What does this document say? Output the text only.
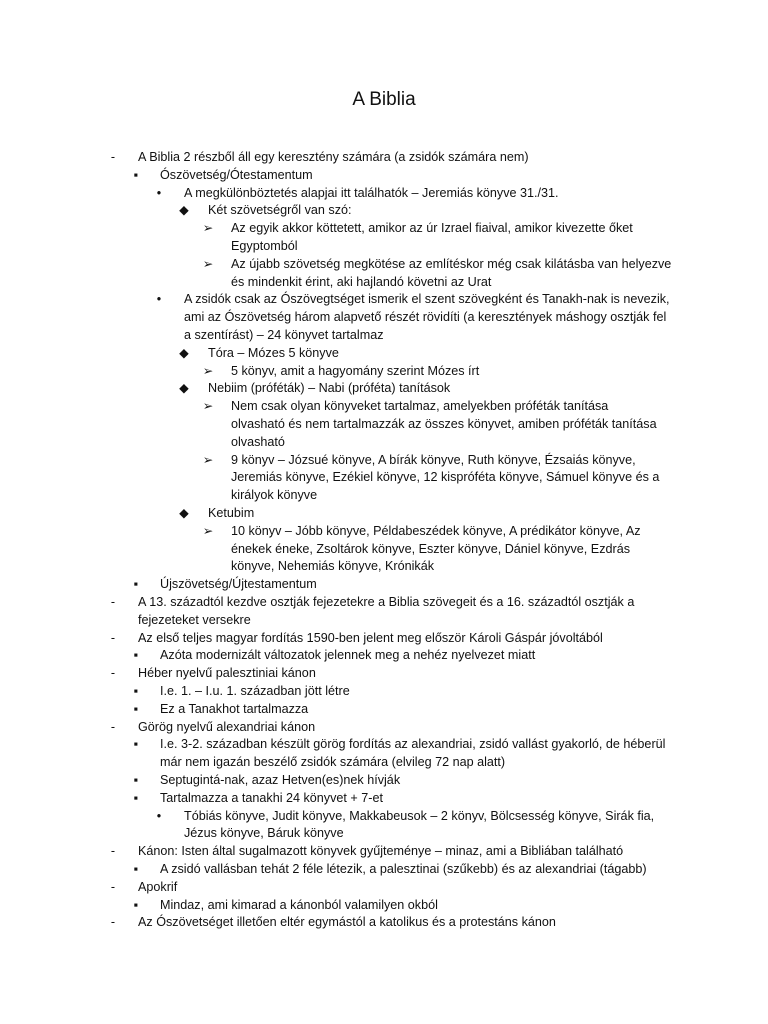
A Biblia
-	A Biblia 2 részből áll egy keresztény számára (a zsidók számára nem)
▪	Ószövetség/Ótestamentum
•	A megkülönböztetés alapjai itt találhatók – Jeremiás könyve 31./31.
◆ Két szövetségről van szó:
➢ Az egyik akkor köttetett, amikor az úr Izrael fiaival, amikor kivezette őket
Egyptomból
➢ Az újabb szövetség megkötése az említéskor még csak kilátásba van helyezve
és mindenkit érint, aki hajlandó követni az Urat
•	A zsidók csak az Ószövegtséget ismerik el szent szövegként és Tanakh-nak is nevezik,
ami az Ószövetség három alapvető részét rövidíti (a keresztények máshogy osztják fel
a szentírást) – 24 könyvet tartalmaz
◆ Tóra – Mózes 5 könyve
➢ 5 könyv, amit a hagyomány szerint Mózes írt
◆ Nebiim (próféták) – Nabi (próféta) tanítások
➢ Nem csak olyan könyveket tartalmaz, amelyekben próféták tanítása
olvasható és nem tartalmazzák az összes könyvet, amiben próféták tanítása
olvasható
➢ 9 könyv – Józsué könyve, A bírák könyve, Ruth könyve, Ézsaiás könyve,
Jeremiás könyve, Ezékiel könyve, 12 kispróféta könyve, Sámuel könyve és a
királyok könyve
◆ Ketubim
➢ 10 könyv – Jóbb könyve, Példabeszédek könyve, A prédikátor könyve, Az
énekek éneke, Zsoltárok könyve, Eszter könyve, Dániel könyve, Ezdrás
könyve, Nehemiás könyve, Krónikák
▪	Újszövetség/Újtestamentum
-	A 13. századtól kezdve osztják fejezetekre a Biblia szövegeit és a 16. századtól osztják a
fejezeteket versekre
-	Az első teljes magyar fordítás 1590-ben jelent meg először Károli Gáspár jóvoltából
▪	Azóta modernizált változatok jelennek meg a nehéz nyelvezet miatt
-	Héber nyelvű palesztiniai kánon
▪	I.e. 1. – I.u. 1. században jött létre
▪	Ez a Tanakhot tartalmazza
-	Görög nyelvű alexandriai kánon
▪	I.e. 3-2. században készült görög fordítás az alexandriai, zsidó vallást gyakorló, de héberül
már nem igazán beszélő zsidók számára (elvileg 72 nap alatt)
▪	Septugintá-nak, azaz Hetven(es)nek hívják
▪	Tartalmazza a tanakhi 24 könyvet + 7-et
•	Tóbiás könyve, Judit könyve, Makkabeusok – 2 könyv, Bölcsesség könyve, Sirák fia,
Jézus könyve, Báruk könyve
-	Kánon: Isten által sugalmazott könyvek gyűjteménye – minaz, ami a Bibliában található
▪	A zsidó vallásban tehát 2 féle létezik, a palesztinai (szűkebb) és az alexandriai (tágabb)
-	Apokrif
▪	Mindaz, ami kimarad a kánonból valamilyen okból
-	Az Ószövetséget illetően eltér egymástól a katolikus és a protestáns kánon
